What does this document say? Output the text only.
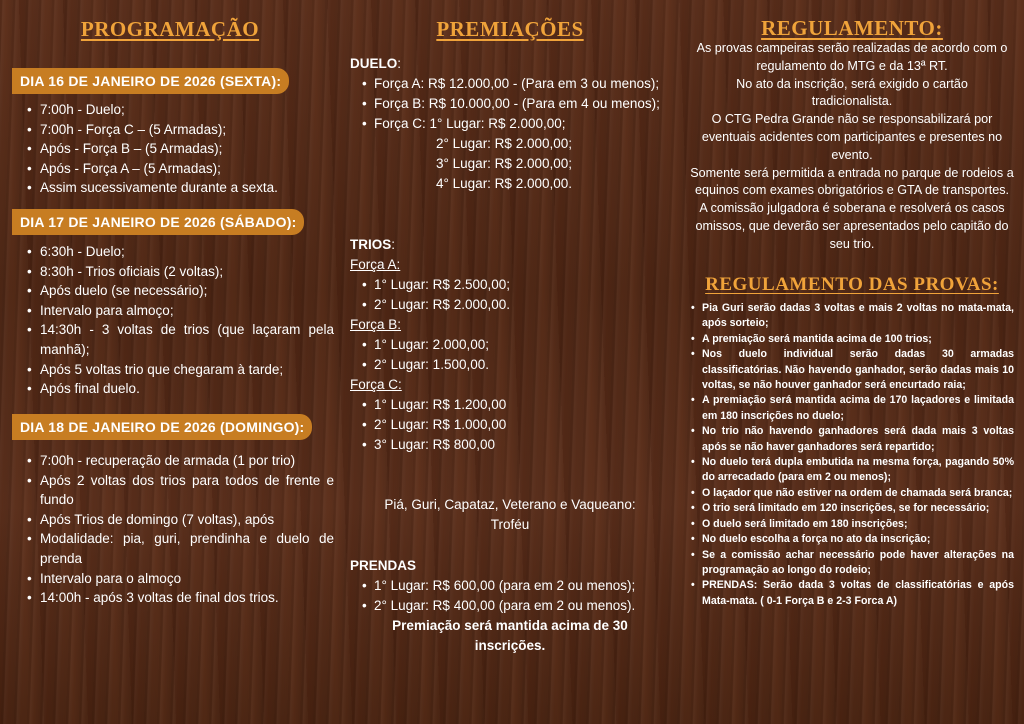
PROGRAMAÇÃO
DIA 16 DE JANEIRO DE 2026 (SEXTA):
• 7:00h - Duelo;
• 7:00h - Força C – (5 Armadas);
• Após - Força B – (5 Armadas);
• Após - Força A – (5 Armadas);
• Assim sucessivamente durante a sexta.
DIA 17 DE JANEIRO DE 2026 (SÁBADO):
• 6:30h - Duelo;
• 8:30h - Trios oficiais (2 voltas);
• Após duelo (se necessário);
• Intervalo para almoço;
• 14:30h - 3 voltas de trios (que laçaram pela manhã);
• Após 5 voltas trio que chegaram à tarde;
• Após final duelo.
DIA 18 DE JANEIRO DE 2026 (DOMINGO):
• 7:00h - recuperação de armada (1 por trio)
• Após 2 voltas dos trios para todos de frente e fundo
• Após Trios de domingo (7 voltas), após
• Modalidade: pia, guri, prendinha e duelo de prenda
• Intervalo para o almoço
• 14:00h - após 3 voltas de final dos trios.
PREMIAÇÕES
DUELO:
• Força A: R$ 12.000,00 - (Para em 3 ou menos);
• Força B: R$ 10.000,00 - (Para em 4 ou menos);
• Força C: 1° Lugar: R$ 2.000,00;
2° Lugar: R$ 2.000,00;
3° Lugar: R$ 2.000,00;
4° Lugar: R$ 2.000,00.
TRIOS:
Força A:
• 1° Lugar: R$ 2.500,00;
• 2° Lugar: R$ 2.000,00.
Força B:
• 1° Lugar: 2.000,00;
• 2° Lugar: 1.500,00.
Força C:
• 1° Lugar: R$ 1.200,00
• 2° Lugar: R$ 1.000,00
• 3° Lugar: R$ 800,00
Piá, Guri, Capataz, Veterano e Vaqueano: Troféu
PRENDAS
• 1° Lugar: R$ 600,00 (para em 2 ou menos);
• 2° Lugar: R$ 400,00 (para em 2 ou menos).
Premiação será mantida acima de 30 inscrições.
REGULAMENTO:
As provas campeiras serão realizadas de acordo com o regulamento do MTG e da 13ª RT.
No ato da inscrição, será exigido o cartão tradicionalista.
O CTG Pedra Grande não se responsabilizará por eventuais acidentes com participantes e presentes no evento.
Somente será permitida a entrada no parque de rodeios a equinos com exames obrigatórios e GTA de transportes.
A comissão julgadora é soberana e resolverá os casos omissos, que deverão ser apresentados pelo capitão do seu trio.
REGULAMENTO DAS PROVAS:
• Pia Guri serão dadas 3 voltas e mais 2 voltas no mata-mata, após sorteio;
• A premiação será mantida acima de 100 trios;
• Nos duelo individual serão dadas 30 armadas classificatórias. Não havendo ganhador, serão dadas mais 10 voltas, se não houver ganhador será encurtado raia;
• A premiação será mantida acima de 170 laçadores e limitada em 180 inscrições no duelo;
• No trio não havendo ganhadores será dada mais 3 voltas após se não haver ganhadores será repartido;
• No duelo terá dupla embutida na mesma força, pagando 50% do arrecadado (para em 2 ou menos);
• O laçador que não estiver na ordem de chamada será branca;
• O trio será limitado em 120 inscrições, se for necessário;
• O duelo será limitado em 180 inscrições;
• No duelo escolha a força no ato da inscrição;
• Se a comissão achar necessário pode haver alterações na programação ao longo do rodeio;
• PRENDAS: Serão dada 3 voltas de classificatórias e após Mata-mata. ( 0-1 Força B e 2-3 Forca A)
